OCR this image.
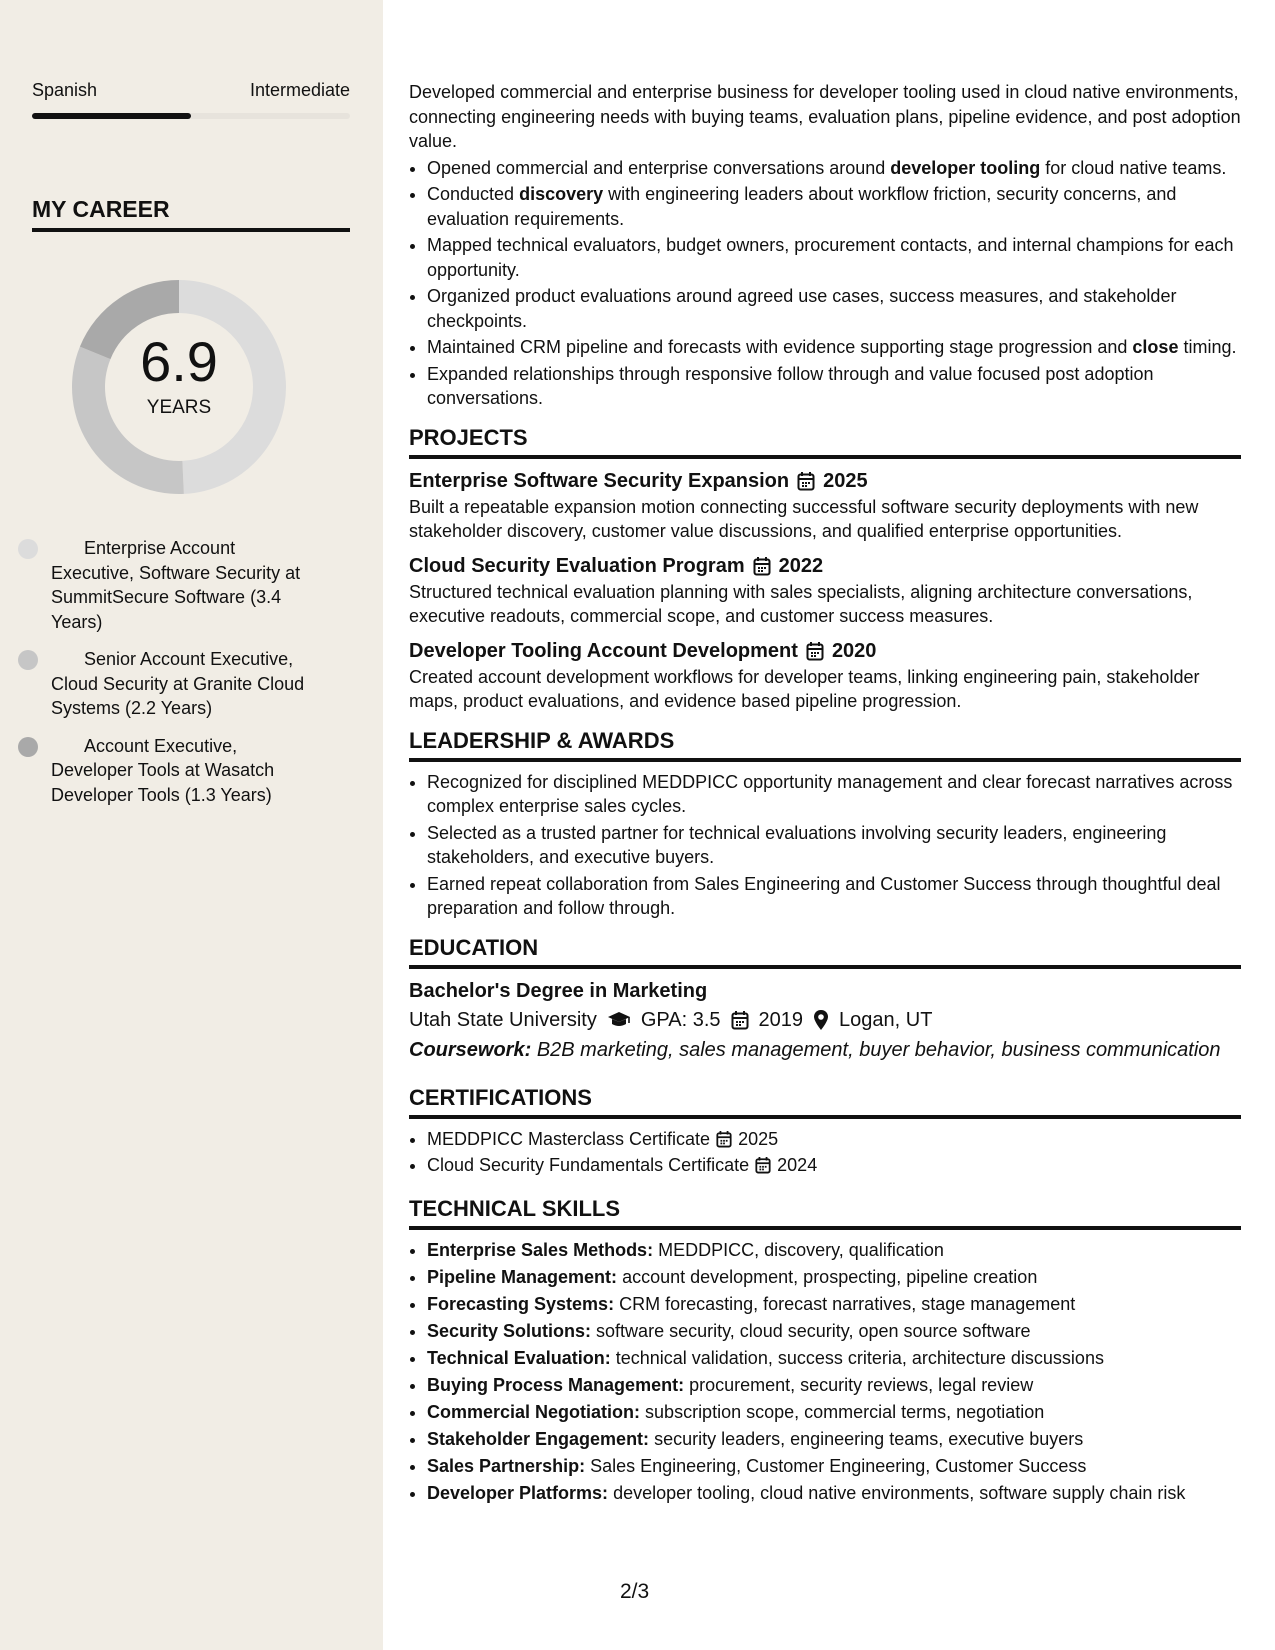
Spanish	Intermediate
MY CAREER
6.9
YEARS
Enterprise Account Executive, Software Security at SummitSecure Software (3.4 Years)
Senior Account Executive, Cloud Security at Granite Cloud Systems (2.2 Years)
Account Executive, Developer Tools at Wasatch Developer Tools (1.3 Years)

Developed commercial and enterprise business for developer tooling used in cloud native environments, connecting engineering needs with buying teams, evaluation plans, pipeline evidence, and post adoption value.

• Opened commercial and enterprise conversations around developer tooling for cloud native teams.
• Conducted discovery with engineering leaders about workflow friction, security concerns, and evaluation requirements.
• Mapped technical evaluators, budget owners, procurement contacts, and internal champions for each opportunity.
• Organized product evaluations around agreed use cases, success measures, and stakeholder checkpoints.
• Maintained CRM pipeline and forecasts with evidence supporting stage progression and close timing.
• Expanded relationships through responsive follow through and value focused post adoption conversations.
PROJECTS
Enterprise Software Security Expansion 2025
Built a repeatable expansion motion connecting successful software security deployments with new stakeholder discovery, customer value discussions, and qualified enterprise opportunities.
Cloud Security Evaluation Program 2022
Structured technical evaluation planning with sales specialists, aligning architecture conversations, executive readouts, commercial scope, and customer success measures.
Developer Tooling Account Development 2020
Created account development workflows for developer teams, linking engineering pain, stakeholder maps, product evaluations, and evidence based pipeline progression.
LEADERSHIP & AWARDS
• Recognized for disciplined MEDDPICC opportunity management and clear forecast narratives across complex enterprise sales cycles.
• Selected as a trusted partner for technical evaluations involving security leaders, engineering stakeholders, and executive buyers.
• Earned repeat collaboration from Sales Engineering and Customer Success through thoughtful deal preparation and follow through.
EDUCATION
Bachelor's Degree in Marketing
Utah State University GPA: 3.5 2019 Logan, UT
Coursework: B2B marketing, sales management, buyer behavior, business communication
CERTIFICATIONS
• MEDDPICC Masterclass Certificate 2025
• Cloud Security Fundamentals Certificate 2024
TECHNICAL SKILLS
• Enterprise Sales Methods: MEDDPICC, discovery, qualification
• Pipeline Management: account development, prospecting, pipeline creation
• Forecasting Systems: CRM forecasting, forecast narratives, stage management
• Security Solutions: software security, cloud security, open source software
• Technical Evaluation: technical validation, success criteria, architecture discussions
• Buying Process Management: procurement, security reviews, legal review
• Commercial Negotiation: subscription scope, commercial terms, negotiation
• Stakeholder Engagement: security leaders, engineering teams, executive buyers
• Sales Partnership: Sales Engineering, Customer Engineering, Customer Success
• Developer Platforms: developer tooling, cloud native environments, software supply chain risk
2/3
